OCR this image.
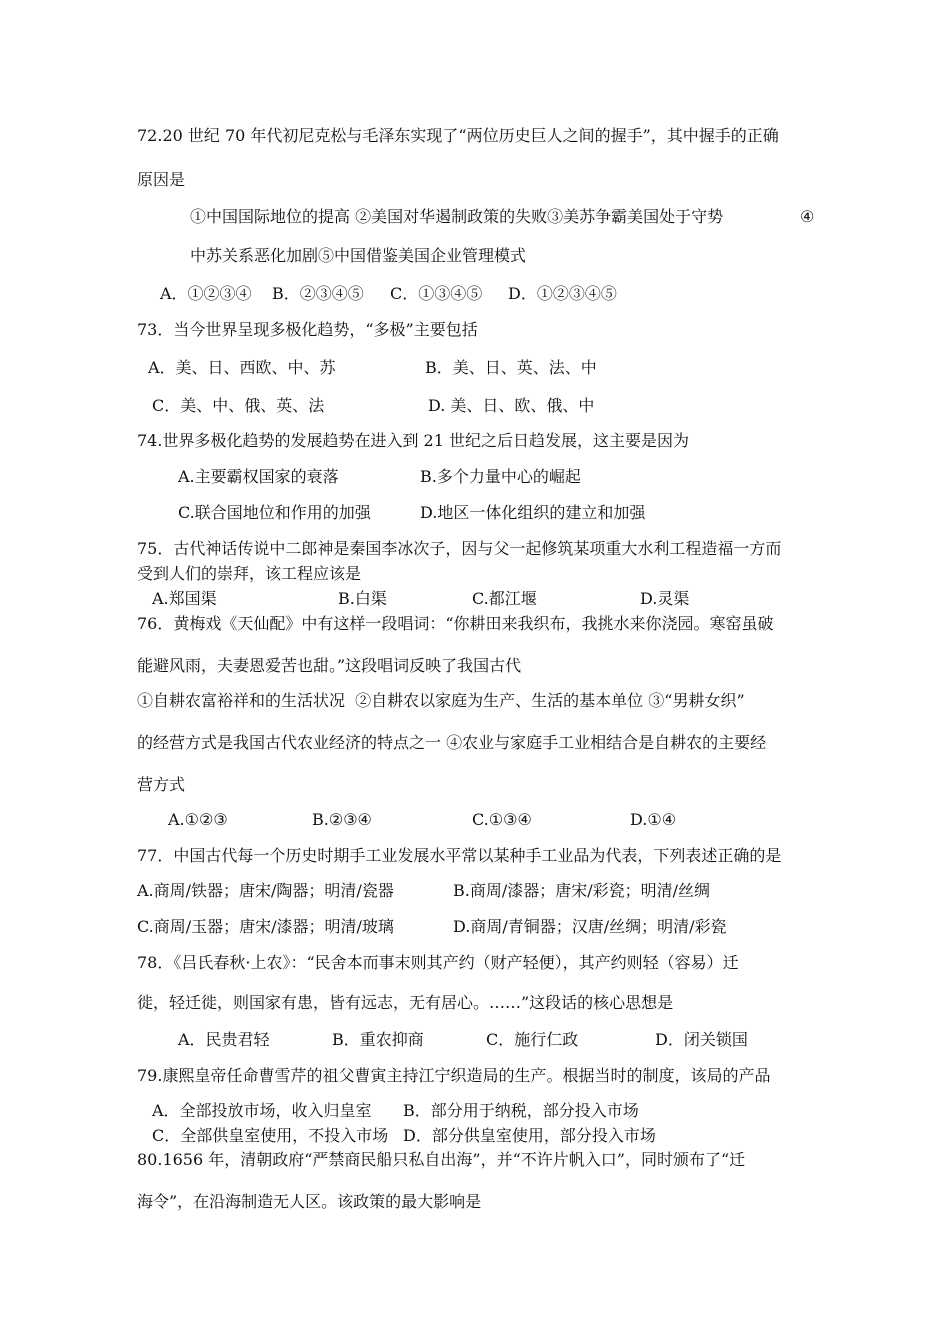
72.20 世纪 70 年代初尼克松与毛泽东实现了“两位历史巨人之间的握手”，其中握手的正确
原因是
①中国国际地位的提高 ②美国对华遏制政策的失败③美苏争霸美国处于守势	④
中苏关系恶化加剧⑤中国借鉴美国企业管理模式
A．①②③④ B．②③④⑤ C．①③④⑤ D．①②③④⑤
73．当今世界呈现多极化趋势，“多极”主要包括
A．美、日、西欧、中、苏	B．美、日、英、法、中
C．美、中、俄、英、法	D. 美、日、欧、俄、中
74.世界多极化趋势的发展趋势在进入到 21 世纪之后日趋发展，这主要是因为
A.主要霸权国家的衰落	B.多个力量中心的崛起
C.联合国地位和作用的加强	D.地区一体化组织的建立和加强
75．古代神话传说中二郎神是秦国李冰次子，因与父一起修筑某项重大水利工程造福一方而
受到人们的崇拜，该工程应该是
A.郑国渠	B.白渠	C.都江堰	D.灵渠
76．黄梅戏《天仙配》中有这样一段唱词：“你耕田来我织布，我挑水来你浇园。寒窑虽破
能避风雨，夫妻恩爱苦也甜。”这段唱词反映了我国古代
①自耕农富裕祥和的生活状况  ②自耕农以家庭为生产、生活的基本单位 ③“男耕女织”
的经营方式是我国古代农业经济的特点之一 ④农业与家庭手工业相结合是自耕农的主要经
营方式
A.①②③	B.②③④	C.①③④	D.①④
77．中国古代每一个历史时期手工业发展水平常以某种手工业品为代表，下列表述正确的是
A.商周/铁器；唐宋/陶器；明清/瓷器	B.商周/漆器；唐宋/彩瓷；明清/丝绸
C.商周/玉器；唐宋/漆器；明清/玻璃	D.商周/青铜器；汉唐/丝绸；明清/彩瓷
78．《吕氏春秋·上农》：“民舍本而事末则其产约（财产轻便），其产约则轻（容易）迁
徙，轻迁徙，则国家有患，皆有远志，无有居心。……”这段话的核心思想是
A．民贵君轻	B．重农抑商	C．施行仁政	D．闭关锁国
79.康熙皇帝任命曹雪芹的祖父曹寅主持江宁织造局的生产。根据当时的制度，该局的产品
A．全部投放市场，收入归皇室 B．部分用于纳税，部分投入市场
C．全部供皇室使用，不投入市场 D．部分供皇室使用，部分投入市场
80.1656 年，清朝政府“严禁商民船只私自出海”，并“不许片帆入口”，同时颁布了“迁
海令”，在沿海制造无人区。该政策的最大影响是
